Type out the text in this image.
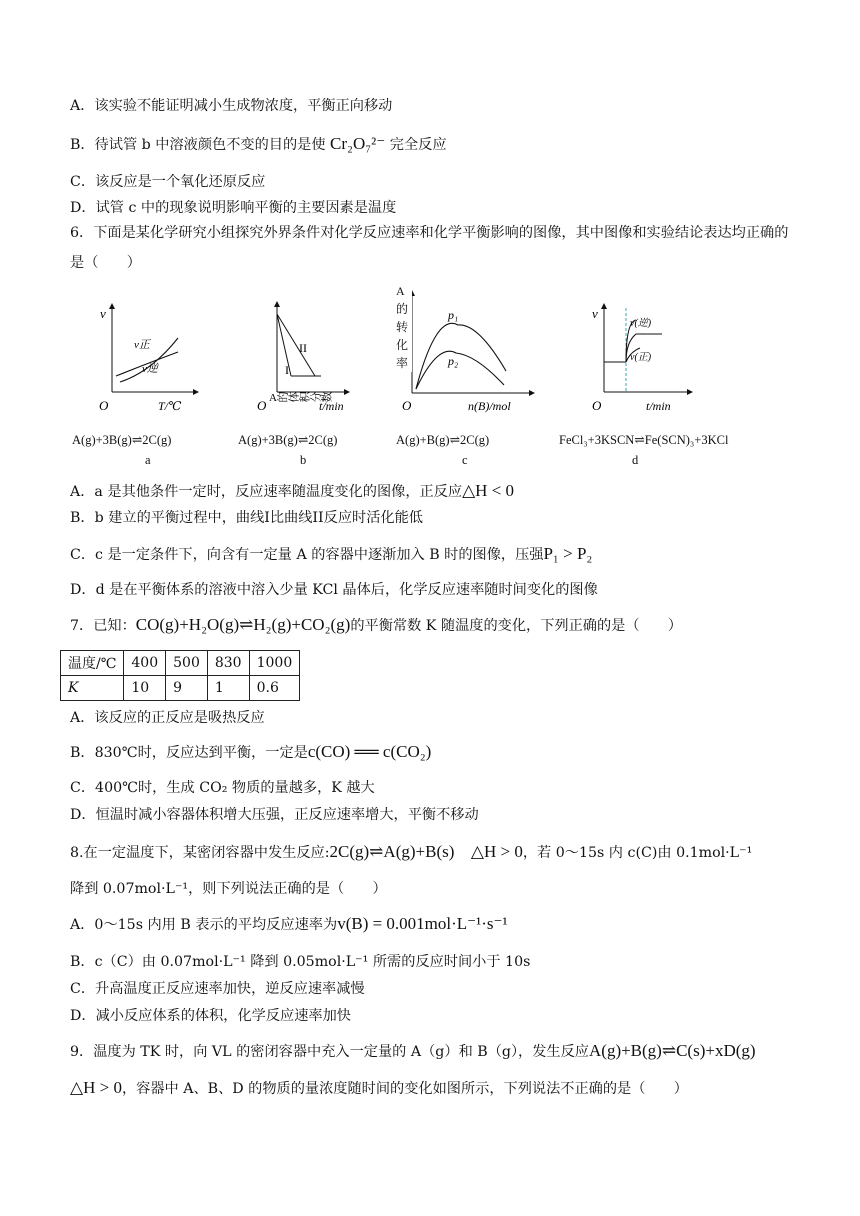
A．该实验不能证明减小生成物浓度，平衡正向移动
B．待试管 b 中溶液颜色不变的目的是使 Cr₂O₇²⁻ 完全反应
C．该反应是一个氧化还原反应
D．试管 c 中的现象说明影响平衡的主要因素是温度
6．下面是某化学研究小组探究外界条件对化学反应速率和化学平衡影响的图像，其中图像和实验结论表达均正确的是（　　）
v
O	T/℃
v正
v逆
II
I
O	t/min
A的体积分数
p₁
p₂
O	n(B)/mol
A的转化率
v(逆)
v(正)
v
O	t/min
A(g)+3B(g)⇌2C(g)
a
A(g)+3B(g)⇌2C(g)
b
A(g)+B(g)⇌2C(g)
c
FeCl₃+3KSCN⇌Fe(SCN)₃+3KCl
d
A．a 是其他条件一定时，反应速率随温度变化的图像，正反应△H < 0
B．b 建立的平衡过程中，曲线I比曲线II反应时活化能低
C．c 是一定条件下，向含有一定量 A 的容器中逐渐加入 B 时的图像，压强P₁ > P₂
D．d 是在平衡体系的溶液中溶入少量 KCl 晶体后，化学反应速率随时间变化的图像
7．已知：CO(g)+H₂O(g)⇌H₂(g)+CO₂(g)的平衡常数 K 随温度的变化，下列正确的是（　　）
温度/℃	400	500	830	1000
K	10	9	1	0.6
A．该反应的正反应是吸热反应
B．830℃时，反应达到平衡，一定是c(CO) ══ c(CO₂)
C．400℃时，生成 CO₂ 物质的量越多，K 越大
D．恒温时减小容器体积增大压强，正反应速率增大，平衡不移动
8.在一定温度下，某密闭容器中发生反应:2C(g)⇌A(g)+B(s) △H > 0，若 0～15s 内 c(C)由 0.1mol·L⁻¹
降到 0.07mol·L⁻¹，则下列说法正确的是（　　）
A．0～15s 内用 B 表示的平均反应速率为v(B) = 0.001mol·L⁻¹·s⁻¹
B．c（C）由 0.07mol·L⁻¹ 降到 0.05mol·L⁻¹ 所需的反应时间小于 10s
C．升高温度正反应速率加快，逆反应速率减慢
D．减小反应体系的体积，化学反应速率加快
9．温度为 TK 时，向 VL 的密闭容器中充入一定量的 A（g）和 B（g），发生反应A(g)+B(g)⇌C(s)+xD(g)
△H > 0，容器中 A、B、D 的物质的量浓度随时间的变化如图所示，下列说法不正确的是（　　）
